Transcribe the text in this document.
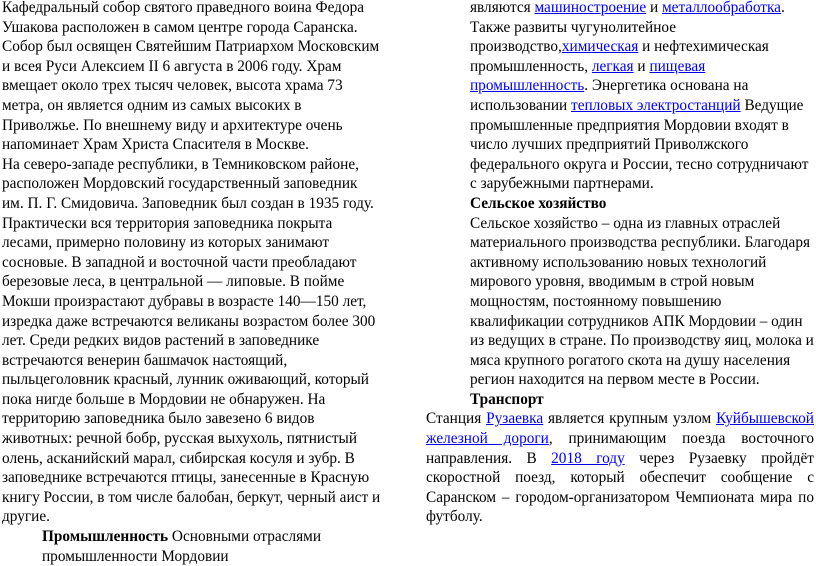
Кафедральный собор святого праведного воина Федора Ушакова расположен в самом центре города Саранска. Собор был освящен Святейшим Патриархом Московским и всея Руси Алексием II 6 августа в 2006 году. Храм вмещает около трех тысяч человек, высота храма 73 метра, он является одним из самых высоких в Приволжье. По внешнему виду и архитектуре очень напоминает Храм Христа Спасителя в Москве.

На северо-западе республики, в Темниковском районе, расположен Мордовский государственный заповедник им. П. Г. Смидовича. Заповедник был создан в 1935 году. Практически вся территория заповедника покрыта лесами, примерно половину из которых занимают сосновые. В западной и восточной части преобладают березовые леса, в центральной — липовые. В пойме Мокши произрастают дубравы в возрасте 140—150 лет, изредка даже встречаются великаны возрастом более 300 лет. Среди редких видов растений в заповеднике встречаются венерин башмачок настоящий, пыльцеголовник красный, лунник оживающий, который пока нигде больше в Мордовии не обнаружен. На территорию заповедника было завезено 6 видов животных: речной бобр, русская выхухоль, пятнистый олень, асканийский марал, сибирская косуля и зубр. В заповеднике встречаются птицы, занесенные в Красную книгу России, в том числе балобан, беркут, черный аист и другие.

Промышленность Основными отраслями промышленности Мордовии

являются машиностроение и металлообработка. Также развиты чугунолитейное производство,химическая и нефтехимическая промышленность, легкая и пищевая промышленность. Энергетика основана на использовании тепловых электростанций Ведущие промышленные предприятия Мордовии входят в число лучших предприятий Приволжского федерального округа и России, тесно сотрудничают с зарубежными партнерами.

Сельское хозяйство

Сельское хозяйство – одна из главных отраслей материального производства республики. Благодаря активному использованию новых технологий мирового уровня, вводимым в строй новым мощностям, постоянному повышению квалификации сотрудников АПК Мордовии – один из ведущих в стране. По производству яиц, молока и мяса крупного рогатого скота на душу населения регион находится на первом месте в России.

Транспорт

Станция Рузаевка является крупным узлом Куйбышевской железной дороги, принимающим поезда восточного направления. В 2018 году через Рузаевку пройдёт скоростной поезд, который обеспечит сообщение с Саранском – городом-организатором Чемпионата мира по футболу.
